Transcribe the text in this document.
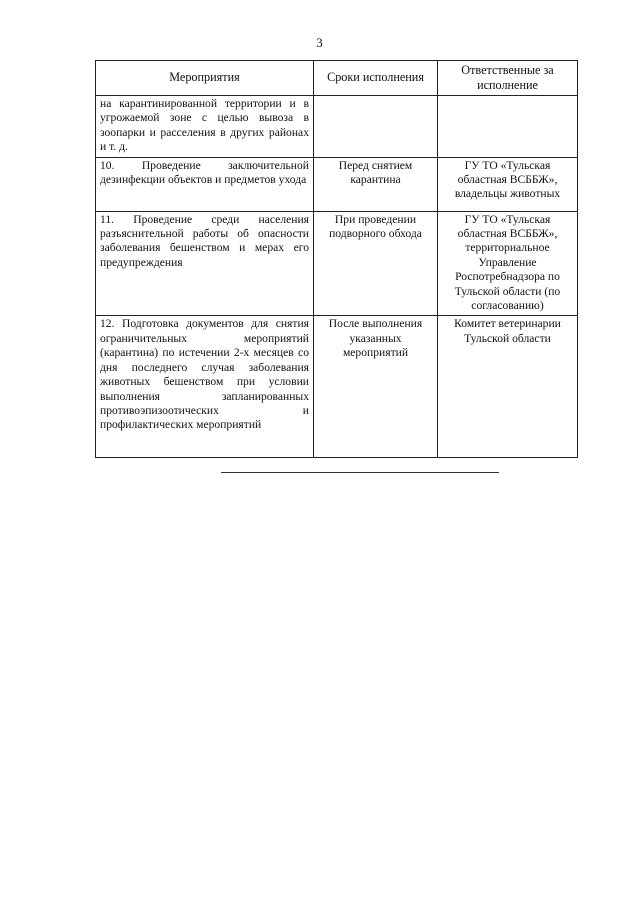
3
Мероприятия	Сроки исполнения	Ответственные за исполнение
на карантинированной территории и в угрожаемой зоне с целью вывоза в зоопарки и расселения в других районах и т. д.		
10. Проведение заключительной дезинфекции объектов и предметов ухода	Перед снятием карантина	ГУ ТО «Тульская областная ВСББЖ», владельцы животных
11. Проведение среди населения разъяснительной работы об опасности заболевания бешенством и мерах его предупреждения	При проведении подворного обхода	ГУ ТО «Тульская областная ВСББЖ», территориальное Управление Роспотребнадзора по Тульской области (по согласованию)
12. Подготовка документов для снятия ограничительных мероприятий (карантина) по истечении 2-х месяцев со дня последнего случая заболевания животных бешенством при условии выполнения запланированных противоэпизоотических и профилактических мероприятий	После выполнения указанных мероприятий	Комитет ветеринарии Тульской области
